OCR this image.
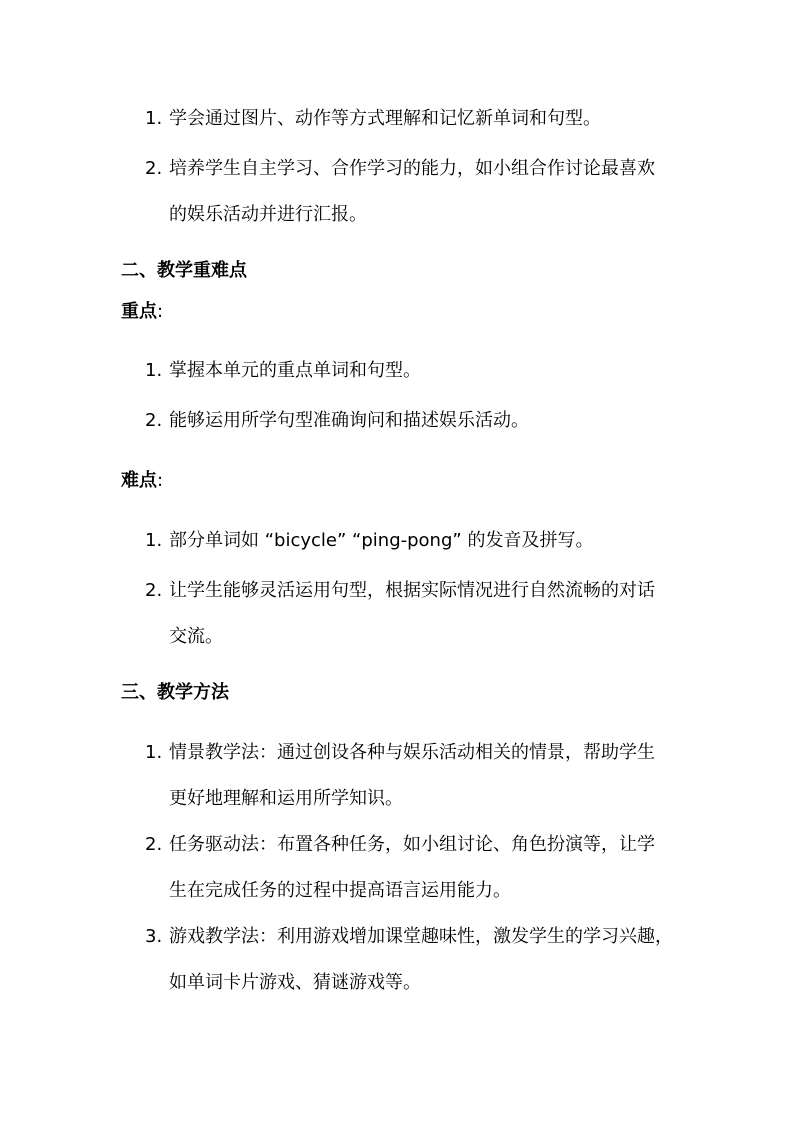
1. 学会通过图片、动作等方式理解和记忆新单词和句型。
2. 培养学生自主学习、合作学习的能力，如小组合作讨论最喜欢
的娱乐活动并进行汇报。
二、教学重难点
重点:
1. 掌握本单元的重点单词和句型。
2. 能够运用所学句型准确询问和描述娱乐活动。
难点:
1. 部分单词如 “bicycle” “ping-pong” 的发音及拼写。
2. 让学生能够灵活运用句型，根据实际情况进行自然流畅的对话
交流。
三、教学方法
1. 情景教学法：通过创设各种与娱乐活动相关的情景，帮助学生
更好地理解和运用所学知识。
2. 任务驱动法：布置各种任务，如小组讨论、角色扮演等，让学
生在完成任务的过程中提高语言运用能力。
3. 游戏教学法：利用游戏增加课堂趣味性，激发学生的学习兴趣，
如单词卡片游戏、猜谜游戏等。
